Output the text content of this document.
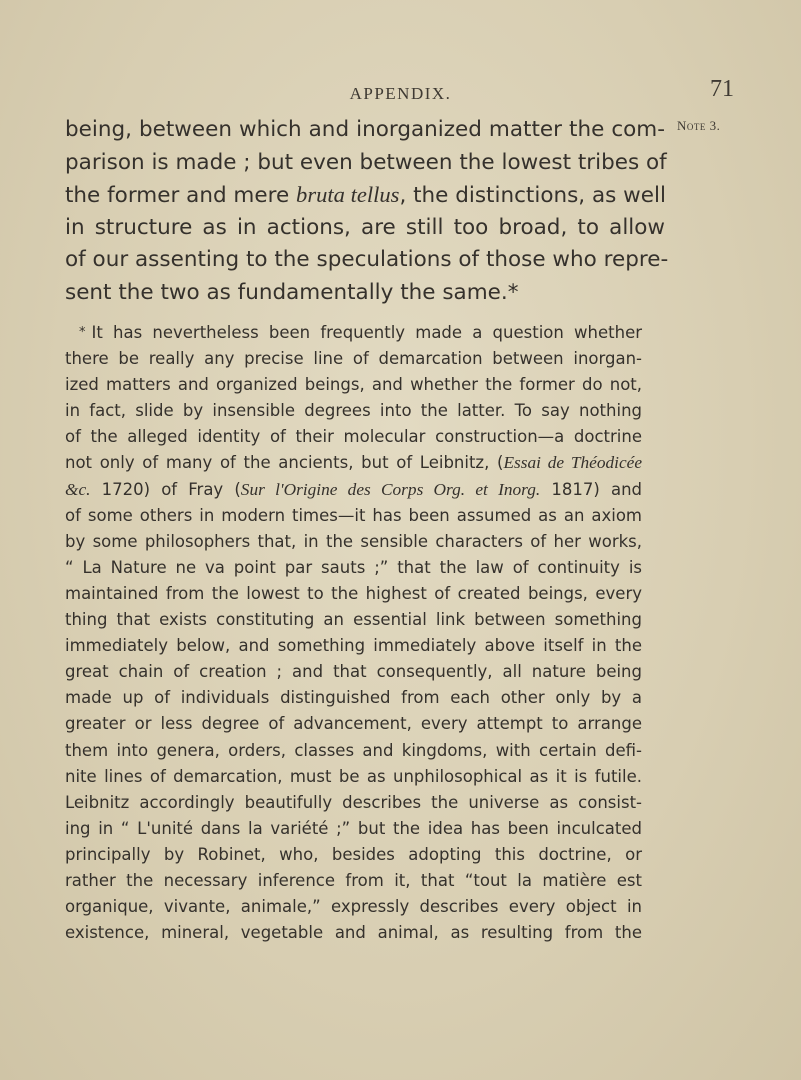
APPENDIX.	71
Note 3.
being, between which and inorganized matter the com-
parison is made ; but even between the lowest tribes of
the former and mere bruta tellus, the distinctions, as well
in structure as in actions, are still too broad, to allow
of our assenting to the speculations of those who repre-
sent the two as fundamentally the same.*
* It has nevertheless been frequently made a question whether
there be really any precise line of demarcation between inorgan-
ized matters and organized beings, and whether the former do not,
in fact, slide by insensible degrees into the latter. To say nothing
of the alleged identity of their molecular construction—a doctrine
not only of many of the ancients, but of Leibnitz, (Essai de Théodicée
&c. 1720) of Fray (Sur l'Origine des Corps Org. et Inorg. 1817) and
of some others in modern times—it has been assumed as an axiom
by some philosophers that, in the sensible characters of her works,
“ La Nature ne va point par sauts ;” that the law of continuity is
maintained from the lowest to the highest of created beings, every
thing that exists constituting an essential link between something
immediately below, and something immediately above itself in the
great chain of creation ; and that consequently, all nature being
made up of individuals distinguished from each other only by a
greater or less degree of advancement, every attempt to arrange
them into genera, orders, classes and kingdoms, with certain defi-
nite lines of demarcation, must be as unphilosophical as it is futile.
Leibnitz accordingly beautifully describes the universe as consist-
ing in “ L'unité dans la variété ;” but the idea has been inculcated
principally by Robinet, who, besides adopting this doctrine, or
rather the necessary inference from it, that “tout la matière est
organique, vivante, animale,” expressly describes every object in
existence, mineral, vegetable and animal, as resulting from the
